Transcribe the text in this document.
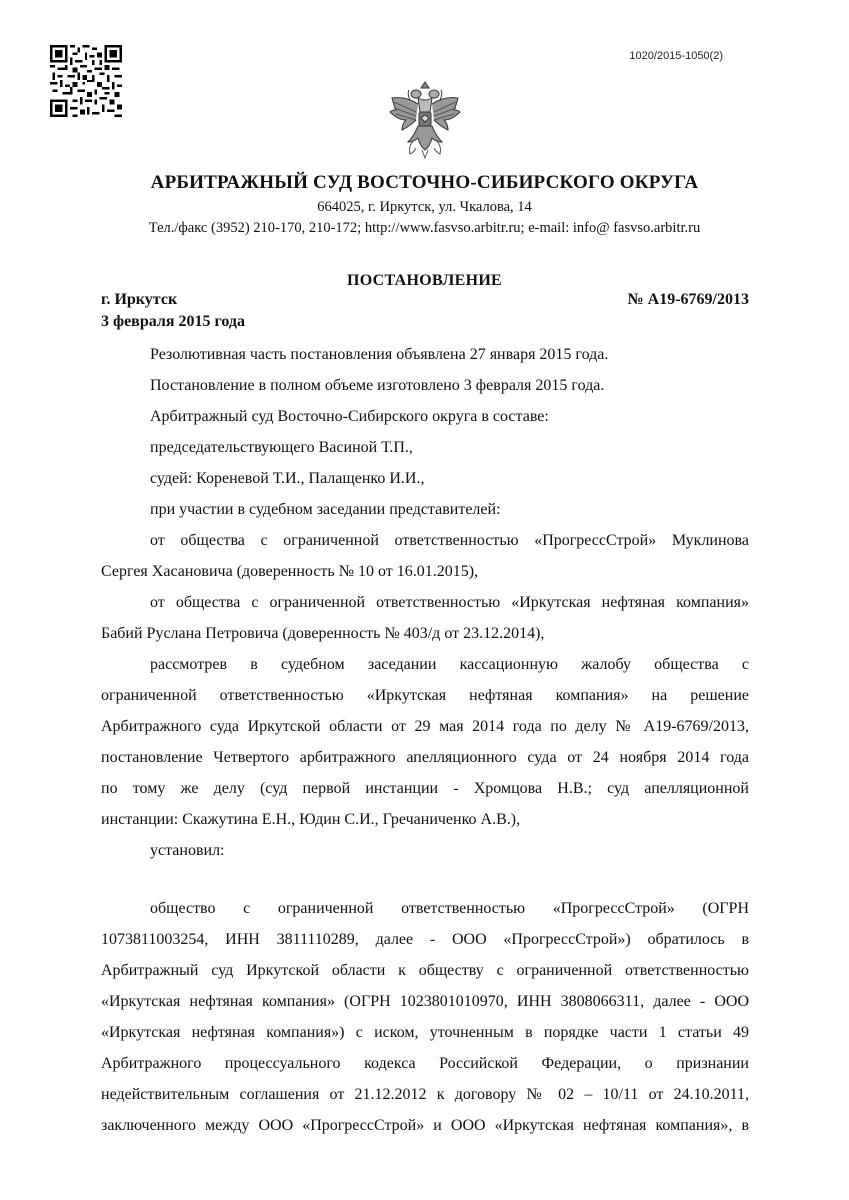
1020/2015-1050(2)
АРБИТРАЖНЫЙ СУД ВОСТОЧНО-СИБИРСКОГО ОКРУГА
664025, г. Иркутск, ул. Чкалова, 14
Тел./факс (3952) 210-170, 210-172; http://www.fasvso.arbitr.ru; e-mail: info@ fasvso.arbitr.ru
ПОСТАНОВЛЕНИЕ
г. Иркутск	№ А19-6769/2013
3 февраля 2015 года
Резолютивная часть постановления объявлена 27 января 2015 года.
Постановление в полном объеме изготовлено 3 февраля 2015 года.
Арбитражный суд Восточно-Сибирского округа в составе:
председательствующего Васиной Т.П.,
судей: Кореневой Т.И., Палащенко И.И.,
при участии в судебном заседании представителей:
от общества с ограниченной ответственностью «ПрогрессСтрой» Муклинова
Сергея Хасановича (доверенность № 10 от 16.01.2015),
от общества с ограниченной ответственностью «Иркутская нефтяная компания»
Бабий Руслана Петровича (доверенность № 403/д от 23.12.2014),
рассмотрев в судебном заседании кассационную жалобу общества с
ограниченной ответственностью «Иркутская нефтяная компания» на решение
Арбитражного суда Иркутской области от 29 мая 2014 года по делу № А19-6769/2013,
постановление Четвертого арбитражного апелляционного суда от 24 ноября 2014 года
по тому же делу (суд первой инстанции - Хромцова Н.В.; суд апелляционной
инстанции: Скажутина Е.Н., Юдин С.И., Гречаниченко А.В.),
установил:
общество с ограниченной ответственностью «ПрогрессСтрой» (ОГРН
1073811003254, ИНН 3811110289, далее - ООО «ПрогрессСтрой») обратилось в
Арбитражный суд Иркутской области к обществу с ограниченной ответственностью
«Иркутская нефтяная компания» (ОГРН 1023801010970, ИНН 3808066311, далее - ООО
«Иркутская нефтяная компания») с иском, уточненным в порядке части 1 статьи 49
Арбитражного процессуального кодекса Российской Федерации, о признании
недействительным соглашения от 21.12.2012 к договору № 02 – 10/11 от 24.10.2011,
заключенного между ООО «ПрогрессСтрой» и ООО «Иркутская нефтяная компания», в
